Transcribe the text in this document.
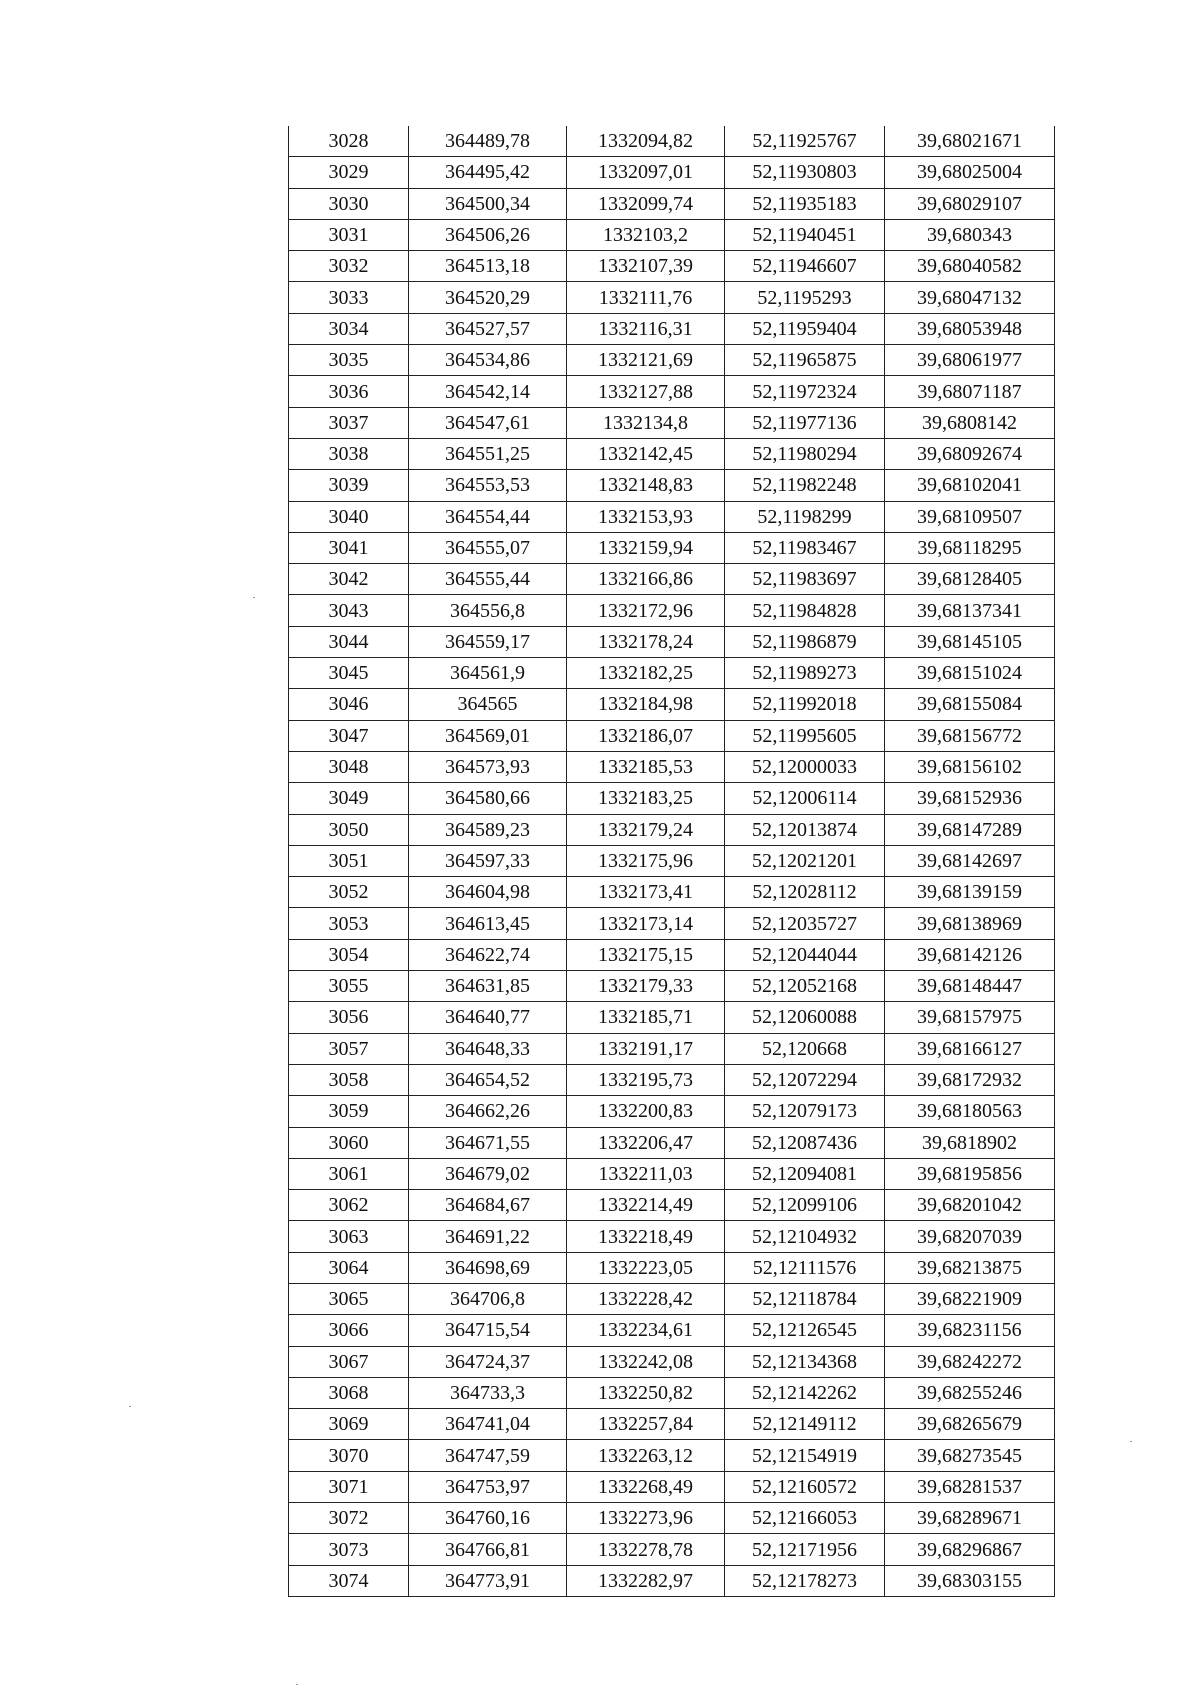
3028	364489,78	1332094,82	52,11925767	39,68021671
3029	364495,42	1332097,01	52,11930803	39,68025004
3030	364500,34	1332099,74	52,11935183	39,68029107
3031	364506,26	1332103,2	52,11940451	39,680343
3032	364513,18	1332107,39	52,11946607	39,68040582
3033	364520,29	1332111,76	52,1195293	39,68047132
3034	364527,57	1332116,31	52,11959404	39,68053948
3035	364534,86	1332121,69	52,11965875	39,68061977
3036	364542,14	1332127,88	52,11972324	39,68071187
3037	364547,61	1332134,8	52,11977136	39,6808142
3038	364551,25	1332142,45	52,11980294	39,68092674
3039	364553,53	1332148,83	52,11982248	39,68102041
3040	364554,44	1332153,93	52,1198299	39,68109507
3041	364555,07	1332159,94	52,11983467	39,68118295
3042	364555,44	1332166,86	52,11983697	39,68128405
3043	364556,8	1332172,96	52,11984828	39,68137341
3044	364559,17	1332178,24	52,11986879	39,68145105
3045	364561,9	1332182,25	52,11989273	39,68151024
3046	364565	1332184,98	52,11992018	39,68155084
3047	364569,01	1332186,07	52,11995605	39,68156772
3048	364573,93	1332185,53	52,12000033	39,68156102
3049	364580,66	1332183,25	52,12006114	39,68152936
3050	364589,23	1332179,24	52,12013874	39,68147289
3051	364597,33	1332175,96	52,12021201	39,68142697
3052	364604,98	1332173,41	52,12028112	39,68139159
3053	364613,45	1332173,14	52,12035727	39,68138969
3054	364622,74	1332175,15	52,12044044	39,68142126
3055	364631,85	1332179,33	52,12052168	39,68148447
3056	364640,77	1332185,71	52,12060088	39,68157975
3057	364648,33	1332191,17	52,120668	39,68166127
3058	364654,52	1332195,73	52,12072294	39,68172932
3059	364662,26	1332200,83	52,12079173	39,68180563
3060	364671,55	1332206,47	52,12087436	39,6818902
3061	364679,02	1332211,03	52,12094081	39,68195856
3062	364684,67	1332214,49	52,12099106	39,68201042
3063	364691,22	1332218,49	52,12104932	39,68207039
3064	364698,69	1332223,05	52,12111576	39,68213875
3065	364706,8	1332228,42	52,12118784	39,68221909
3066	364715,54	1332234,61	52,12126545	39,68231156
3067	364724,37	1332242,08	52,12134368	39,68242272
3068	364733,3	1332250,82	52,12142262	39,68255246
3069	364741,04	1332257,84	52,12149112	39,68265679
3070	364747,59	1332263,12	52,12154919	39,68273545
3071	364753,97	1332268,49	52,12160572	39,68281537
3072	364760,16	1332273,96	52,12166053	39,68289671
3073	364766,81	1332278,78	52,12171956	39,68296867
3074	364773,91	1332282,97	52,12178273	39,68303155
